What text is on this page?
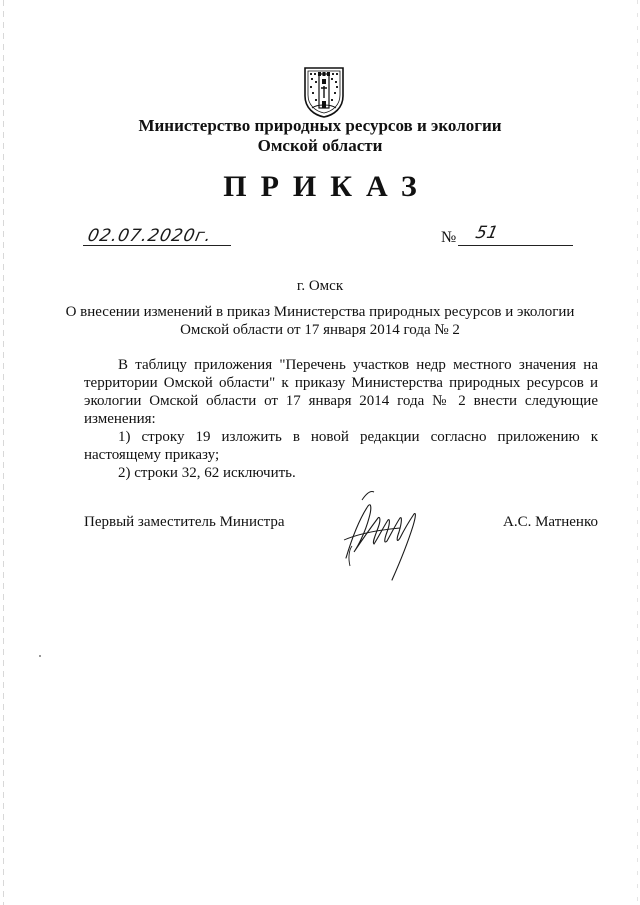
Министерство природных ресурсов и экологии
Омской области
ПРИКАЗ
02.07.2020г.	№ 51
г. Омск
О внесении изменений в приказ Министерства природных ресурсов и экологии
Омской области от 17 января 2014 года № 2

В таблицу приложения "Перечень участков недр местного значения на территории Омской области" к приказу Министерства природных ресурсов и экологии Омской области от 17 января 2014 года № 2 внести следующие изменения:

1) строку 19 изложить в новой редакции согласно приложению к настоящему приказу;

2) строки 32, 62 исключить.

Первый заместитель Министра	А.С. Матненко
